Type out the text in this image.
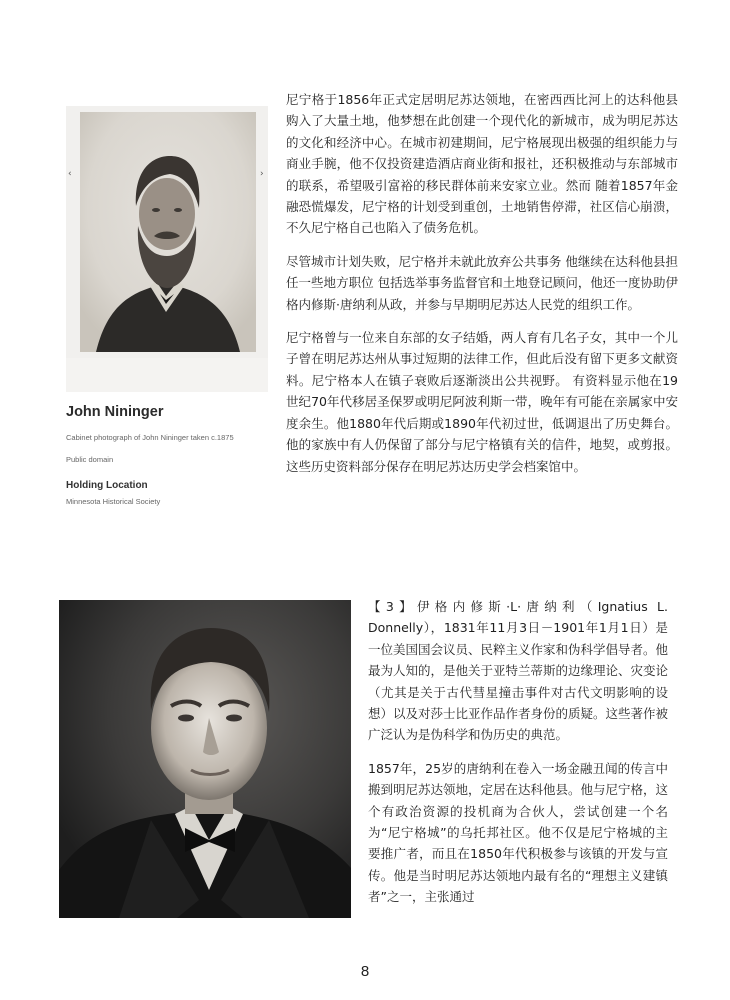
‹	›

John Nininger

Cabinet photograph of John Nininger taken c.1875

Public domain

Holding Location

Minnesota Historical Society

尼宁格于1856年正式定居明尼苏达领地，在密西西比河上的达科他县购入了大量土地，他梦想在此创建一个现代化的新城市，成为明尼苏达的文化和经济中心。在城市初建期间，尼宁格展现出极强的组织能力与商业手腕，他不仅投资建造酒店商业街和报社，还积极推动与东部城市的联系，希望吸引富裕的移民群体前来安家立业。然而 随着1857年金融恐慌爆发，尼宁格的计划受到重创，土地销售停滞，社区信心崩溃，不久尼宁格自己也陷入了债务危机。

尽管城市计划失败，尼宁格并未就此放弃公共事务 他继续在达科他县担任一些地方职位 包括选举事务监督官和土地登记顾问，他还一度协助伊格内修斯·唐纳利从政，并参与早期明尼苏达人民党的组织工作。

尼宁格曾与一位来自东部的女子结婚，两人育有几名子女，其中一个儿子曾在明尼苏达州从事过短期的法律工作，但此后没有留下更多文献资料。尼宁格本人在镇子衰败后逐渐淡出公共视野。 有资料显示他在19世纪70年代移居圣保罗或明尼阿波利斯一带，晚年有可能在亲属家中安度余生。他1880年代后期或1890年代初过世，低调退出了历史舞台。他的家族中有人仍保留了部分与尼宁格镇有关的信件，地契，或剪报。这些历史资料部分保存在明尼苏达历史学会档案馆中。

【3】伊格内修斯·L·唐纳利（Ignatius L. Donnelly），1831年11月3日－1901年1月1日）是一位美国国会议员、民粹主义作家和伪科学倡导者。他最为人知的，是他关于亚特兰蒂斯的边缘理论、灾变论（尤其是关于古代彗星撞击事件对古代文明影响的设想）以及对莎士比亚作品作者身份的质疑。这些著作被广泛认为是伪科学和伪历史的典范。

1857年，25岁的唐纳利在卷入一场金融丑闻的传言中搬到明尼苏达领地，定居在达科他县。他与尼宁格，这个有政治资源的投机商为合伙人，尝试创建一个名为“尼宁格城”的乌托邦社区。他不仅是尼宁格城的主要推广者，而且在1850年代积极参与该镇的开发与宣传。他是当时明尼苏达领地内最有名的“理想主义建镇者”之一，主张通过

8
